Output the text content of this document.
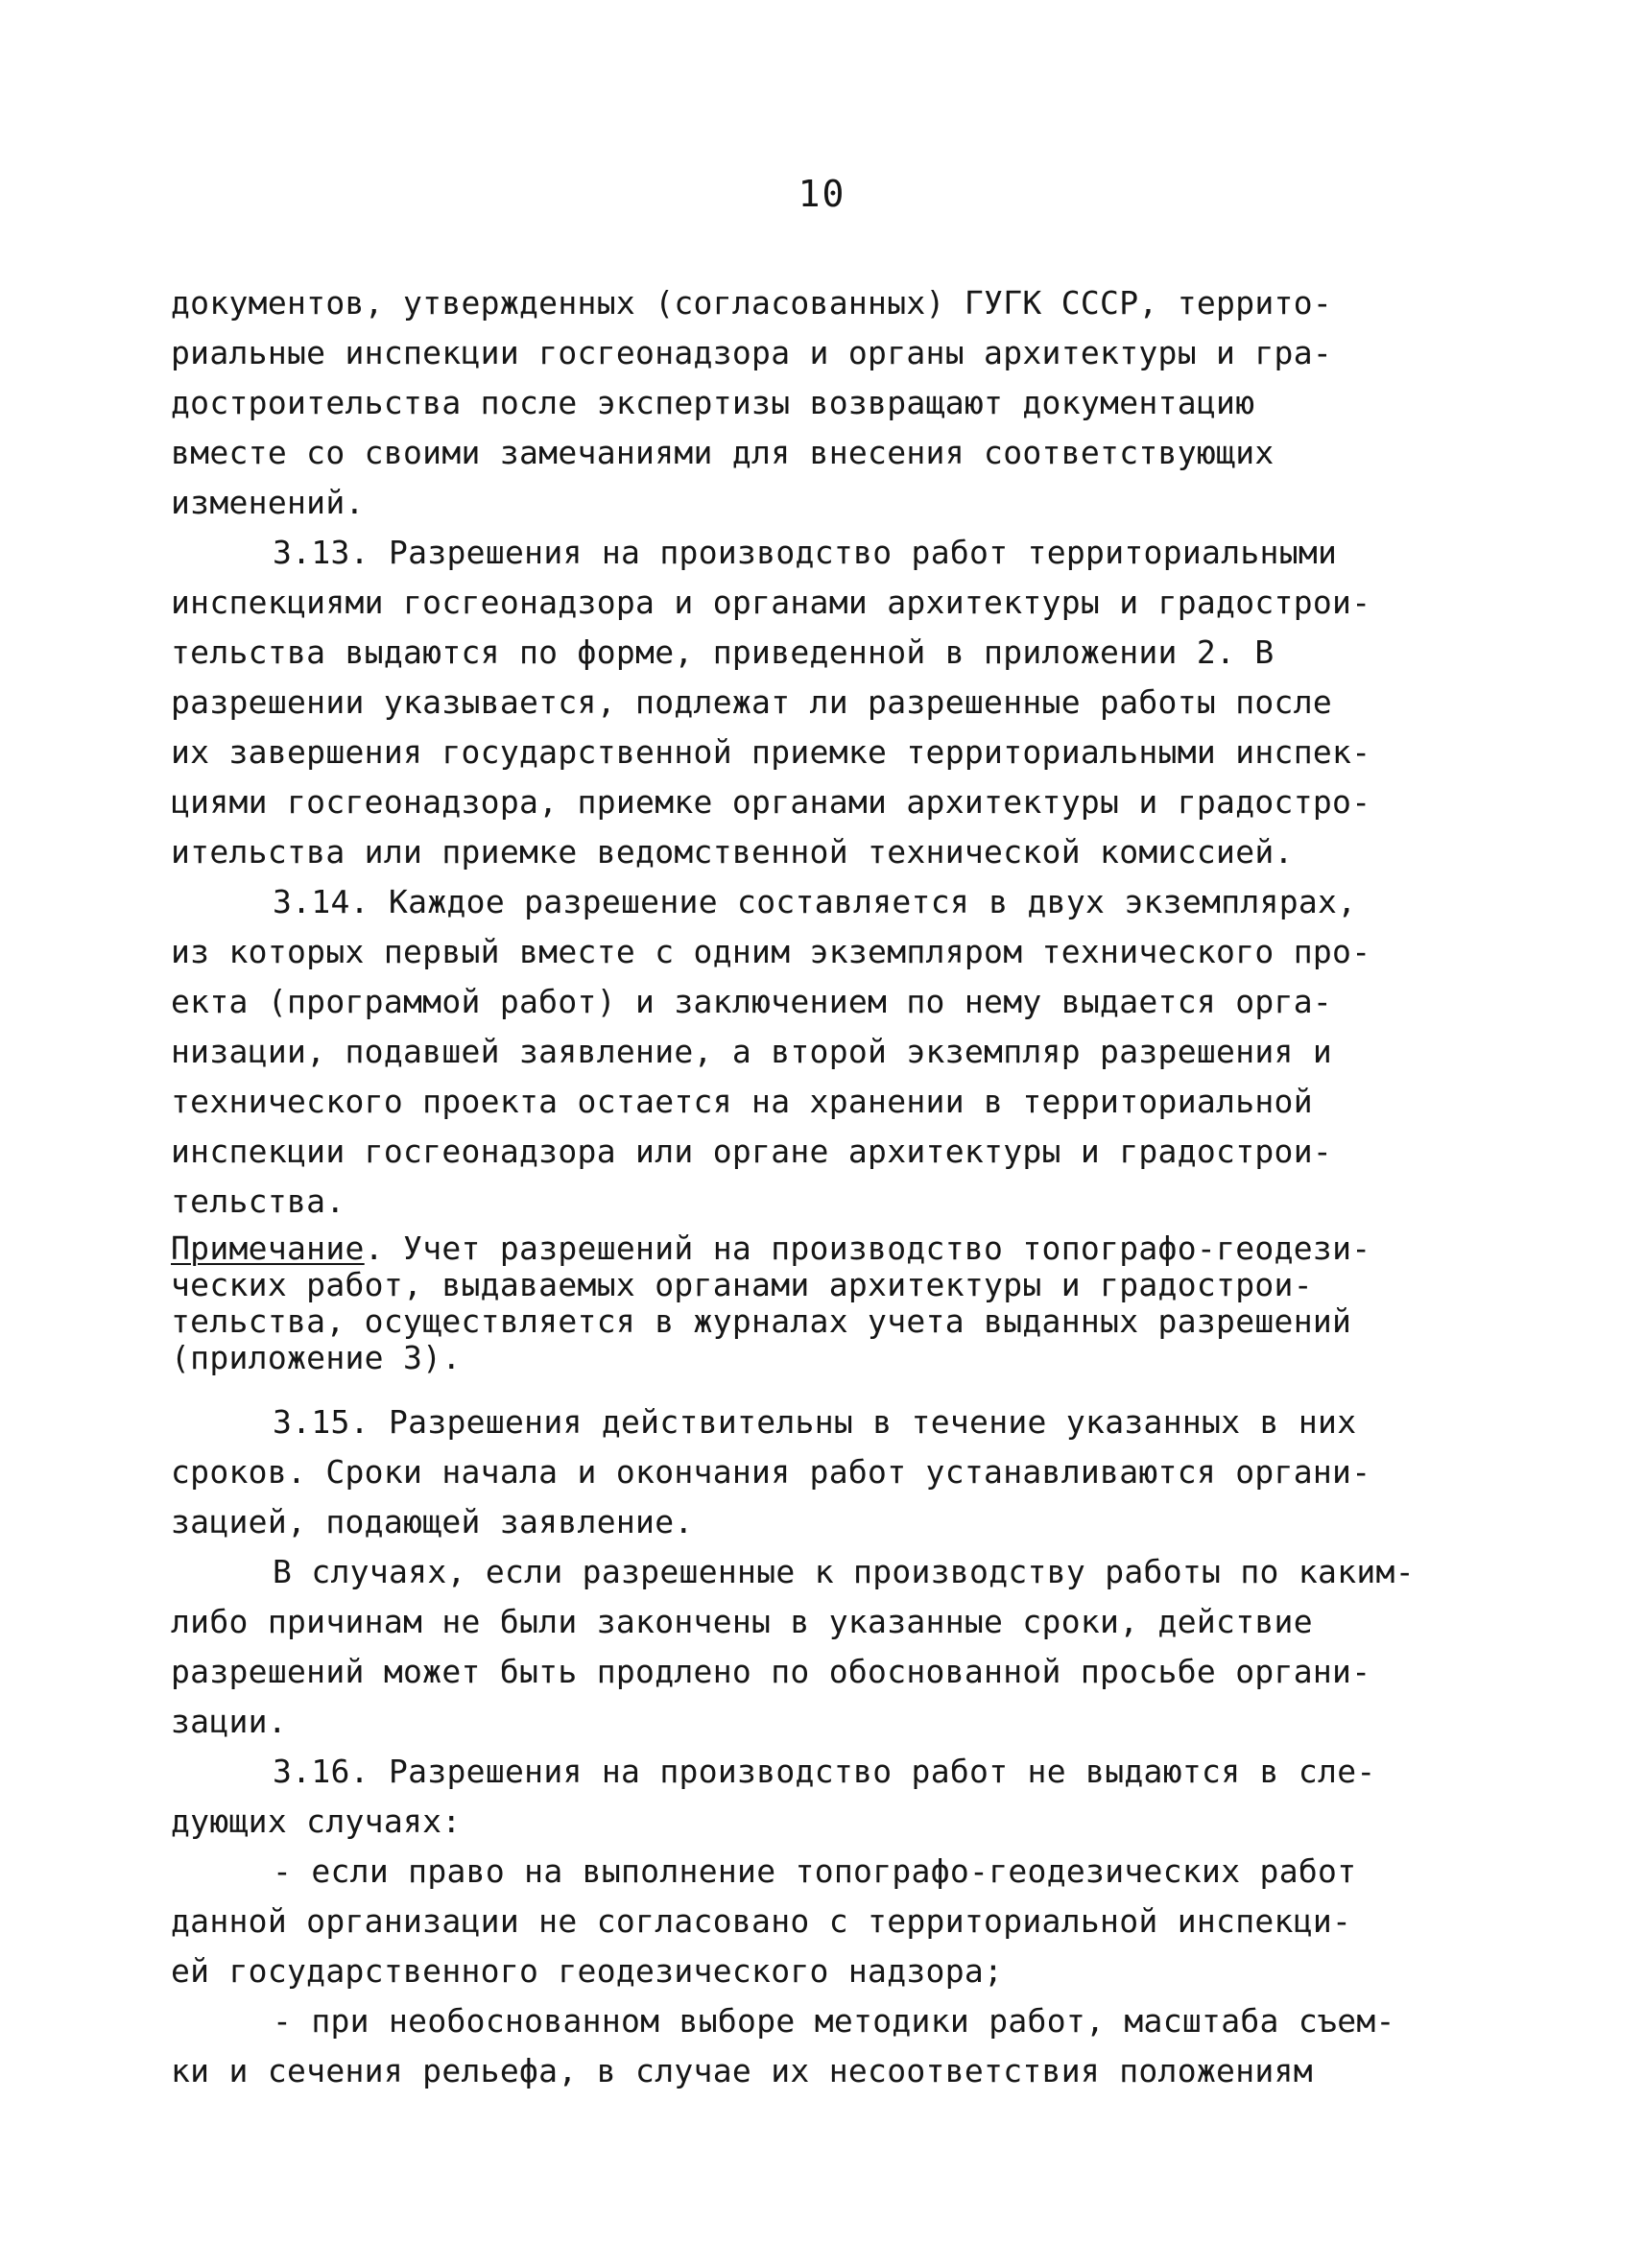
10
документов, утвержденных (согласованных) ГУГК СССР, террито-
риальные инспекции госгеонадзора и органы архитектуры и гра-
достроительства после экспертизы возвращают документацию
вместе со своими замечаниями для внесения соответствующих
изменений.
3.13. Разрешения на производство работ территориальными
инспекциями госгеонадзора и органами архитектуры и градострои-
тельства выдаются по форме, приведенной в приложении 2. В
разрешении указывается, подлежат ли разрешенные работы после
их завершения государственной приемке территориальными инспек-
циями госгеонадзора, приемке органами архитектуры и градостро-
ительства или приемке ведомственной технической комиссией.
3.14. Каждое разрешение составляется в двух экземплярах,
из которых первый вместе с одним экземпляром технического про-
екта (программой работ) и заключением по нему выдается орга-
низации, подавшей заявление, а второй экземпляр разрешения и
технического проекта остается на хранении в территориальной
инспекции госгеонадзора или органе архитектуры и градострои-
тельства.
Примечание. Учет разрешений на производство топографо-геодези-
ческих работ, выдаваемых органами архитектуры и градострои-
тельства, осуществляется в журналах учета выданных разрешений
(приложение 3).
3.15. Разрешения действительны в течение указанных в них
сроков. Сроки начала и окончания работ устанавливаются органи-
зацией, подающей заявление.
В случаях, если разрешенные к производству работы по каким-
либо причинам не были закончены в указанные сроки, действие
разрешений может быть продлено по обоснованной просьбе органи-
зации.
3.16. Разрешения на производство работ не выдаются в сле-
дующих случаях:
- если право на выполнение топографо-геодезических работ
данной организации не согласовано с территориальной инспекци-
ей государственного геодезического надзора;
- при необоснованном выборе методики работ, масштаба съем-
ки и сечения рельефа, в случае их несоответствия положениям
